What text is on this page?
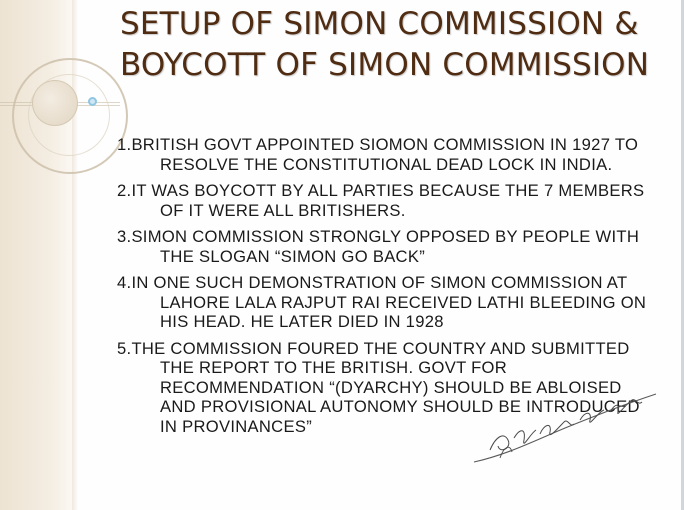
SETUP OF SIMON COMMISSION & BOYCOTT OF SIMON COMMISSION
1.BRITISH GOVT APPOINTED SIOMON COMMISSION IN 1927 TO RESOLVE THE CONSTITUTIONAL DEAD LOCK IN INDIA.
2.IT WAS BOYCOTT BY ALL PARTIES BECAUSE THE 7 MEMBERS OF IT WERE ALL BRITISHERS.
3.SIMON COMMISSION STRONGLY OPPOSED BY PEOPLE WITH THE SLOGAN “SIMON GO BACK”
4.IN ONE SUCH DEMONSTRATION OF SIMON COMMISSION AT LAHORE LALA RAJPUT RAI RECEIVED LATHI BLEEDING ON HIS HEAD. HE LATER DIED IN 1928
5.THE COMMISSION FOURED THE COUNTRY AND SUBMITTED THE REPORT TO THE BRITISH. GOVT FOR RECOMMENDATION “(DYARCHY) SHOULD BE ABLOISED AND PROVISIONAL AUTONOMY SHOULD BE INTRODUCED IN PROVINANCES”
